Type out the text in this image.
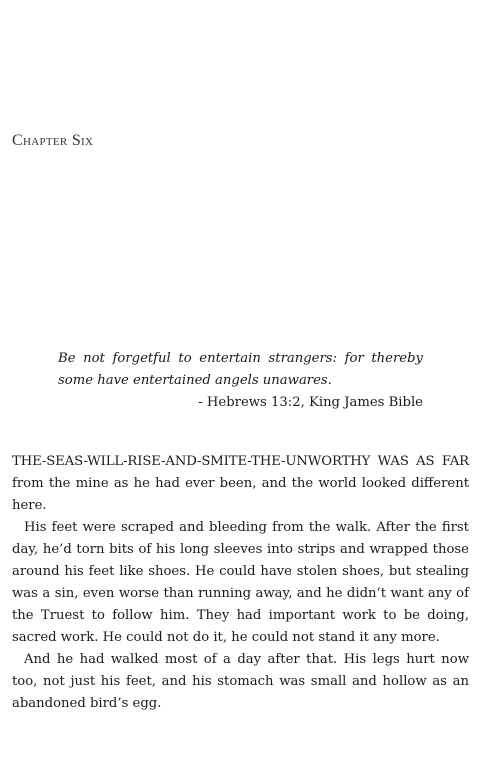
Chapter Six

Be not forgetful to entertain strangers: for thereby some have entertained angels unawares.

- Hebrews 13:2, King James Bible

THE-SEAS-WILL-RISE-AND-SMITE-THE-UNWORTHY WAS AS FAR from the mine as he had ever been, and the world looked different here.

His feet were scraped and bleeding from the walk. After the first day, he’d torn bits of his long sleeves into strips and wrapped those around his feet like shoes. He could have stolen shoes, but stealing was a sin, even worse than running away, and he didn’t want any of the Truest to follow him. They had important work to be doing, sacred work. He could not do it, he could not stand it any more.

And he had walked most of a day after that. His legs hurt now too, not just his feet, and his stomach was small and hollow as an abandoned bird’s egg.
